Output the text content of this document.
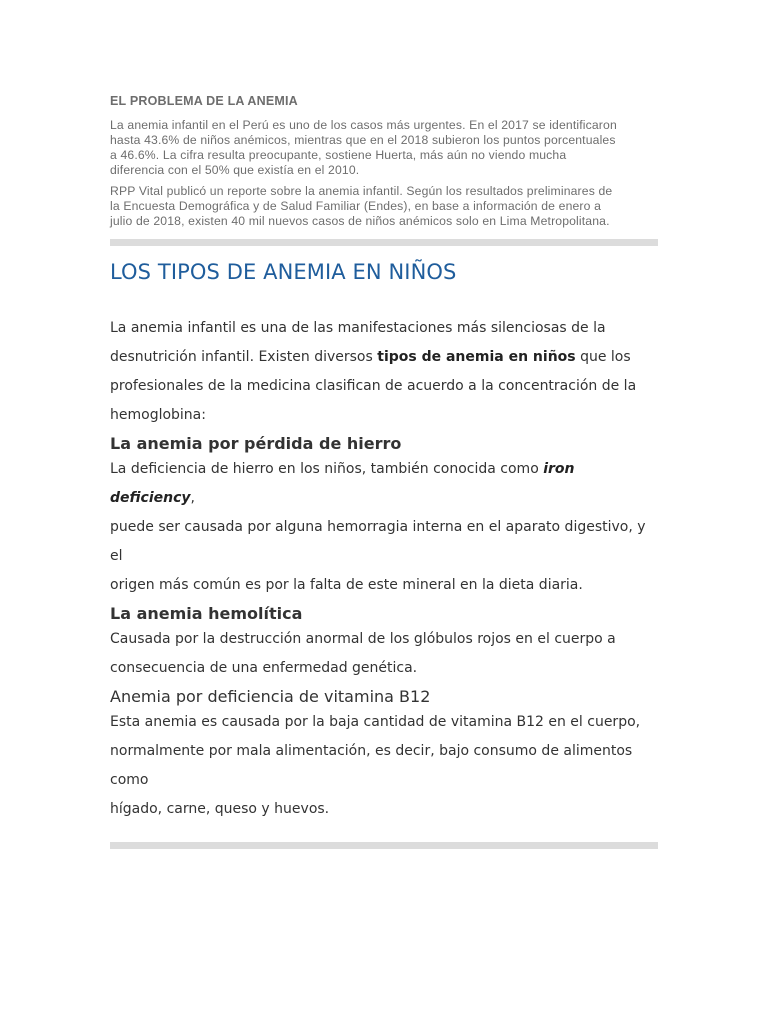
EL PROBLEMA DE LA ANEMIA
La anemia infantil en el Perú es uno de los casos más urgentes. En el 2017 se identificaron
hasta 43.6% de niños anémicos, mientras que en el 2018 subieron los puntos porcentuales
a 46.6%. La cifra resulta preocupante, sostiene Huerta, más aún no viendo mucha
diferencia con el 50% que existía en el 2010.
RPP Vital publicó un reporte sobre la anemia infantil. Según los resultados preliminares de
la Encuesta Demográfica y de Salud Familiar (Endes), en base a información de enero a
julio de 2018, existen 40 mil nuevos casos de niños anémicos solo en Lima Metropolitana.
LOS TIPOS DE ANEMIA EN NIÑOS

La anemia infantil es una de las manifestaciones más silenciosas de la
desnutrición infantil. Existen diversos tipos de anemia en niños que los
profesionales de la medicina clasifican de acuerdo a la concentración de la
hemoglobina:

La anemia por pérdida de hierro

La deficiencia de hierro en los niños, también conocida como iron deficiency,
puede ser causada por alguna hemorragia interna en el aparato digestivo, y el
origen más común es por la falta de este mineral en la dieta diaria.

La anemia hemolítica

Causada por la destrucción anormal de los glóbulos rojos en el cuerpo a
consecuencia de una enfermedad genética.

Anemia por deficiencia de vitamina B12

Esta anemia es causada por la baja cantidad de vitamina B12 en el cuerpo,
normalmente por mala alimentación, es decir, bajo consumo de alimentos como
hígado, carne, queso y huevos.
